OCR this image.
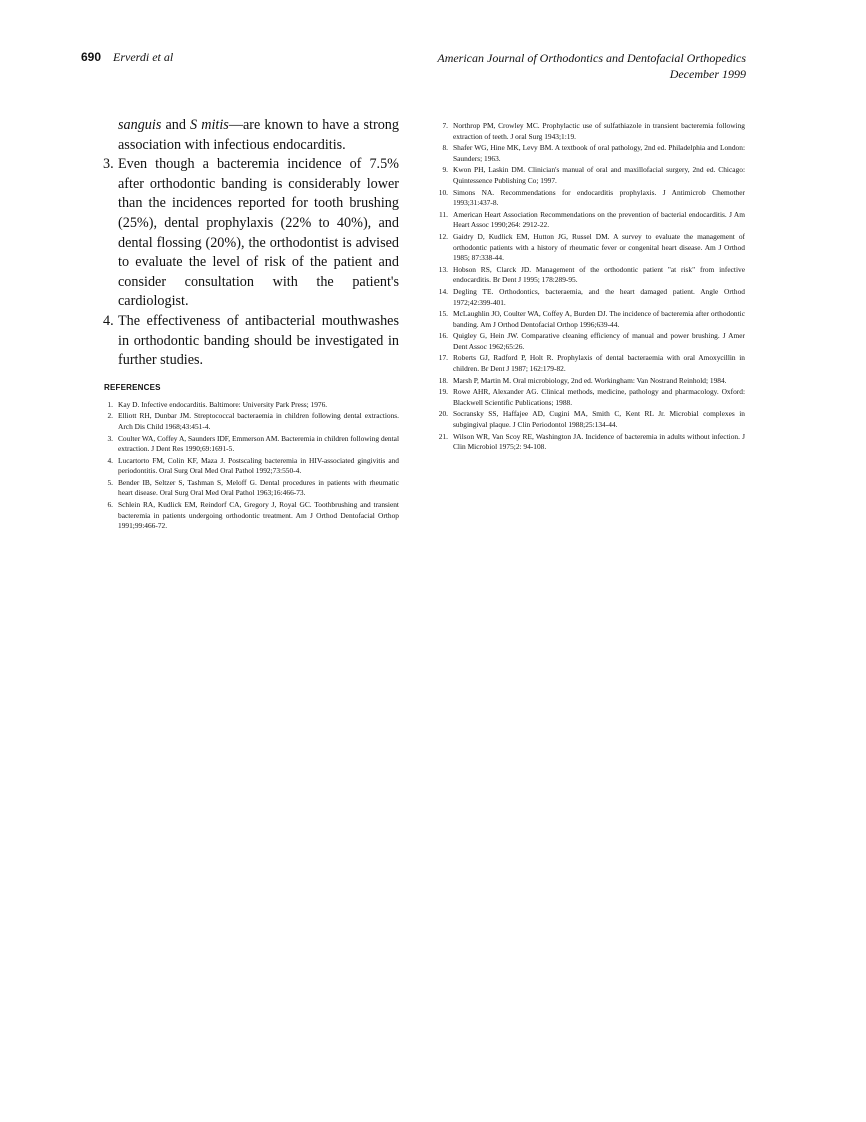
690 Erverdi et al	American Journal of Orthodontics and Dentofacial Orthopedics
December 1999

sanguis and S mitis—are known to have a strong association with infectious endocarditis.

3. Even though a bacteremia incidence of 7.5% after orthodontic banding is considerably lower than the incidences reported for tooth brushing (25%), dental prophylaxis (22% to 40%), and dental flossing (20%), the orthodontist is advised to evaluate the level of risk of the patient and consider consultation with the patient's cardiologist.

4. The effectiveness of antibacterial mouthwashes in orthodontic banding should be investigated in further studies.

REFERENCES
1. Kay D. Infective endocarditis. Baltimore: University Park Press; 1976.
2. Elliott RH, Dunbar JM. Streptococcal bacteraemia in children following dental extractions. Arch Dis Child 1968;43:451-4.
3. Coulter WA, Coffey A, Saunders IDF, Emmerson AM. Bacteremia in children following dental extraction. J Dent Res 1990;69:1691-5.
4. Lucartorto FM, Colin KF, Maza J. Postscaling bacteremia in HIV-associated gingivitis and periodontitis. Oral Surg Oral Med Oral Pathol 1992;73:550-4.
5. Bender IB, Seltzer S, Tashman S, Meloff G. Dental procedures in patients with rheumatic heart disease. Oral Surg Oral Med Oral Pathol 1963;16:466-73.
6. Schlein RA, Kudlick EM, Reindorf CA, Gregory J, Royal GC. Toothbrushing and transient bacteremia in patients undergoing orthodontic treatment. Am J Orthod Dentofacial Orthop 1991;99:466-72.
7. Northrop PM, Crowley MC. Prophylactic use of sulfathiazole in transient bacteremia following extraction of teeth. J oral Surg 1943;1:19.
8. Shafer WG, Hine MK, Levy BM. A textbook of oral pathology, 2nd ed. Philadelphia and London: Saunders; 1963.
9. Kwon PH, Laskin DM. Clinician's manual of oral and maxillofacial surgery, 2nd ed. Chicago: Quintessence Publishing Co; 1997.
10. Simons NA. Recommendations for endocarditis prophylaxis. J Antimicrob Chemother 1993;31:437-8.
11. American Heart Association Recommendations on the prevention of bacterial endocarditis. J Am Heart Assoc 1990;264: 2912-22.
12. Gaidry D, Kudlick EM, Hutton JG, Russel DM. A survey to evaluate the management of orthodontic patients with a history of rheumatic fever or congenital heart disease. Am J Orthod 1985; 87:338-44.
13. Hobson RS, Clarck JD. Management of the orthodontic patient "at risk" from infective endocarditis. Br Dent J 1995; 178:289-95.
14. Degling TE. Orthodontics, bacteraemia, and the heart damaged patient. Angle Orthod 1972;42:399-401.
15. McLaughlin JO, Coulter WA, Coffey A, Burden DJ. The incidence of bacteremia after orthodontic banding. Am J Orthod Dentofacial Orthop 1996;639-44.
16. Quigley G, Hein JW. Comparative cleaning efficiency of manual and power brushing. J Amer Dent Assoc 1962;65:26.
17. Roberts GJ, Radford P, Holt R. Prophylaxis of dental bacteraemia with oral Amoxycillin in children. Br Dent J 1987; 162:179-82.
18. Marsh P, Martin M. Oral microbiology, 2nd ed. Workingham: Van Nostrand Reinhold; 1984.
19. Rowe AHR, Alexander AG. Clinical methods, medicine, pathology and pharmacology. Oxford: Blackwell Scientific Publications; 1988.
20. Socransky SS, Haffajee AD, Cugini MA, Smith C, Kent RL Jr. Microbial complexes in subgingival plaque. J Clin Periodontol 1988;25:134-44.
21. Wilson WR, Van Scoy RE, Washington JA. Incidence of bacteremia in adults without infection. J Clin Microbiol 1975;2: 94-108.
